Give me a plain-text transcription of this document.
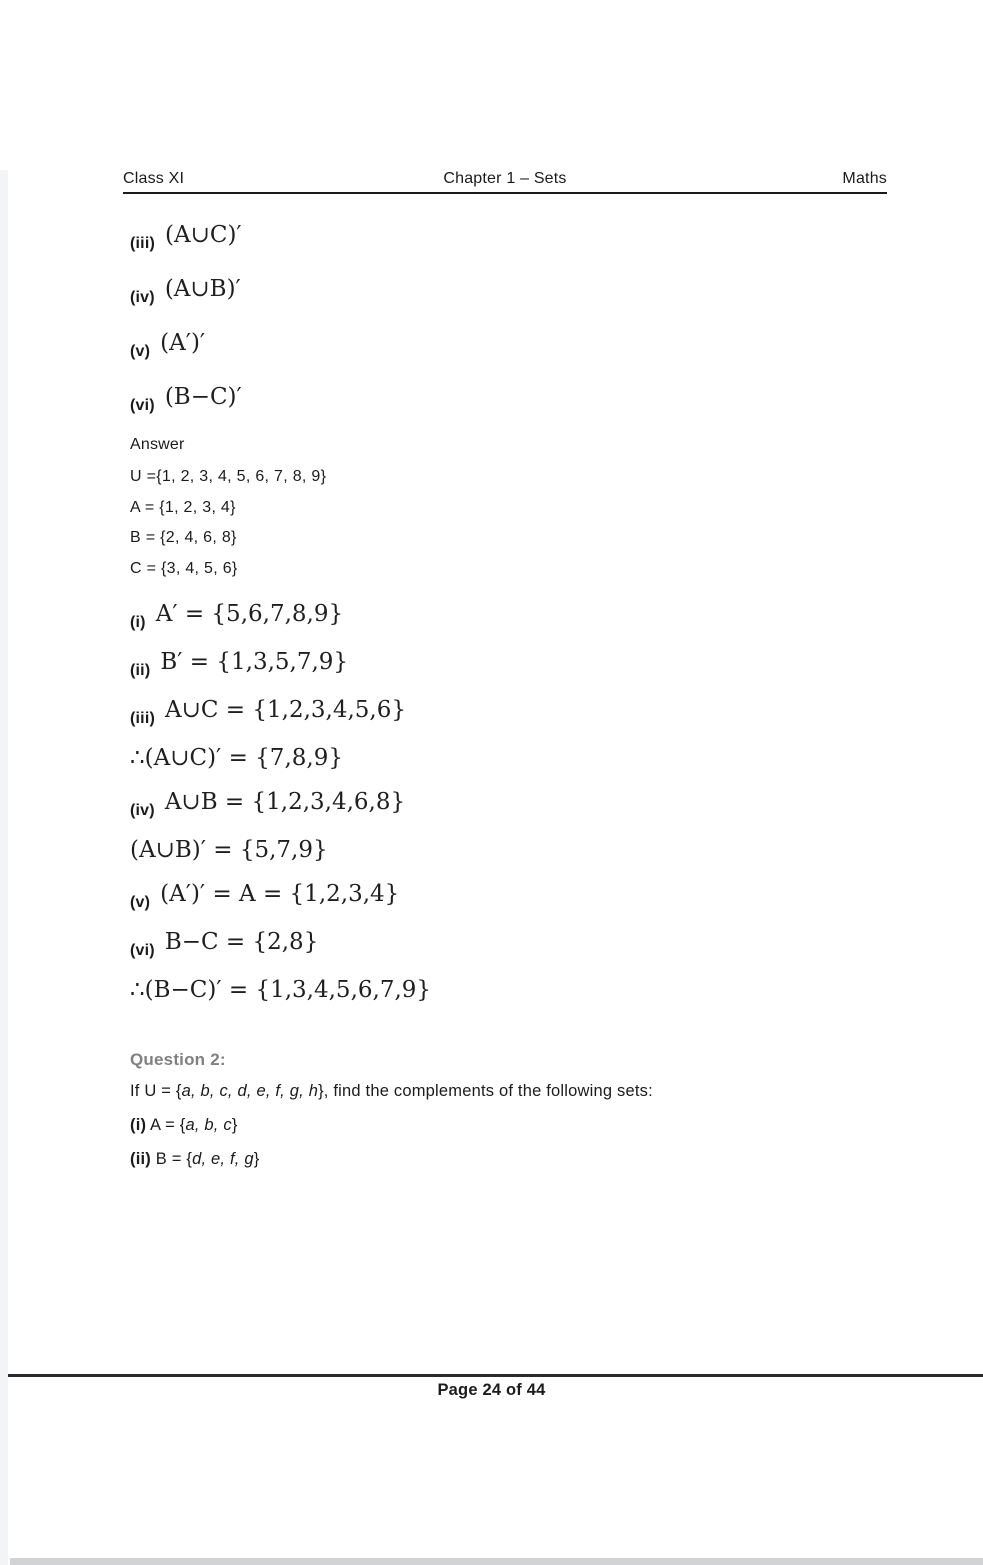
Class XI	Chapter 1 – Sets	Maths
(iii) (A∪C)′
(iv) (A∪B)′
(v) (A′)′
(vi) (B−C)′

Answer

U ={1, 2, 3, 4, 5, 6, 7, 8, 9}

A = {1, 2, 3, 4}

B = {2, 4, 6, 8}

C = {3, 4, 5, 6}

(i) A′ = {5,6,7,8,9}
(ii) B′ = {1,3,5,7,9}
(iii) A∪C = {1,2,3,4,5,6}
∴(A∪C)′ = {7,8,9}
(iv) A∪B = {1,2,3,4,6,8}
(A∪B)′ = {5,7,9}
(v) (A′)′ = A = {1,2,3,4}
(vi) B−C = {2,8}
∴(B−C)′ = {1,3,4,5,6,7,9}

Question 2:

If U = {a, b, c, d, e, f, g, h}, find the complements of the following sets:

(i) A = {a, b, c}

(ii) B = {d, e, f, g}

Page 24 of 44
